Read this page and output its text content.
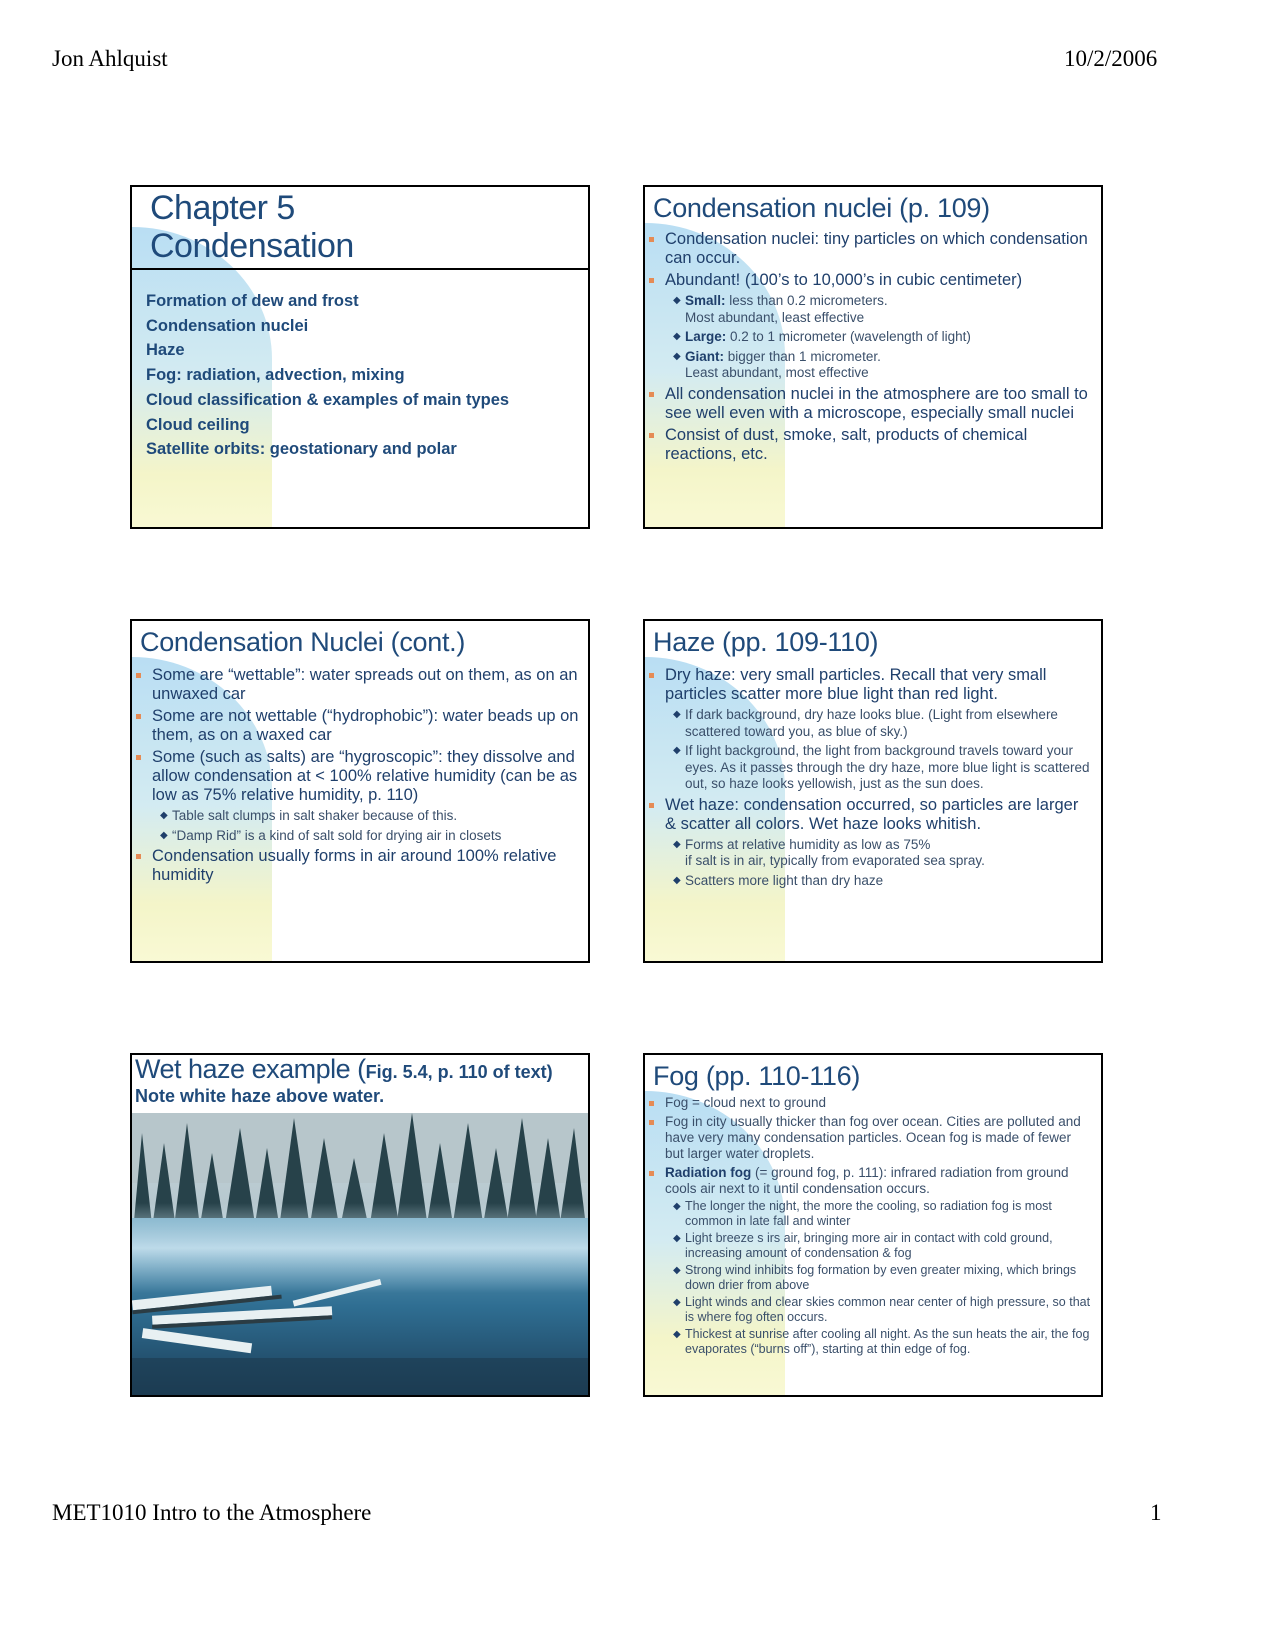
Jon Ahlquist	10/2/2006
MET1010 Intro to the Atmosphere	1
Chapter 5
Condensation
Formation of dew and frost
Condensation nuclei
Haze
Fog: radiation, advection, mixing
Cloud classification & examples of main types
Cloud ceiling
Satellite orbits: geostationary and polar
Condensation nuclei (p. 109)
Condensation nuclei: tiny particles on which condensation can occur.
Abundant! (100’s to 10,000’s in cubic centimeter)
◆ Small: less than 0.2 micrometers.
Most abundant, least effective
◆ Large: 0.2 to 1 micrometer (wavelength of light)
◆ Giant: bigger than 1 micrometer.
Least abundant, most effective
All condensation nuclei in the atmosphere are too small to see well even with a microscope, especially small nuclei
Consist of dust, smoke, salt, products of chemical reactions, etc.
Condensation Nuclei (cont.)
Some are “wettable”: water spreads out on them, as on an unwaxed car
Some are not wettable (“hydrophobic”): water beads up on them, as on a waxed car
Some (such as salts) are “hygroscopic”: they dissolve and allow condensation at < 100% relative humidity (can be as low as 75% relative humidity, p. 110)
◆ Table salt clumps in salt shaker because of this.
◆ “Damp Rid” is a kind of salt sold for drying air in closets
Condensation usually forms in air around 100% relative humidity
Haze (pp. 109-110)
Dry haze: very small particles. Recall that very small particles scatter more blue light than red light.
◆ If dark background, dry haze looks blue. (Light from elsewhere scattered toward you, as blue of sky.)
◆ If light background, the light from background travels toward your eyes. As it passes through the dry haze, more blue light is scattered out, so haze looks yellowish, just as the sun does.
Wet haze: condensation occurred, so particles are larger & scatter all colors. Wet haze looks whitish.
◆ Forms at relative humidity as low as 75%
if salt is in air, typically from evaporated sea spray.
◆ Scatters more light than dry haze
Wet haze example (Fig. 5.4, p. 110 of text)
Note white haze above water.
Fog (pp. 110-116)
Fog = cloud next to ground
Fog in city usually thicker than fog over ocean. Cities are polluted and have very many condensation particles. Ocean fog is made of fewer but larger water droplets.
Radiation fog (= ground fog, p. 111): infrared radiation from ground cools air next to it until condensation occurs.
◆ The longer the night, the more the cooling, so radiation fog is most common in late fall and winter
◆ Light breeze s irs air, bringing more air in contact with cold ground, increasing amount of condensation & fog
◆ Strong wind inhibits fog formation by even greater mixing, which brings down drier from above
◆ Light winds and clear skies common near center of high pressure, so that is where fog often occurs.
◆ Thickest at sunrise after cooling all night. As the sun heats the air, the fog evaporates (“burns off”), starting at thin edge of fog.
